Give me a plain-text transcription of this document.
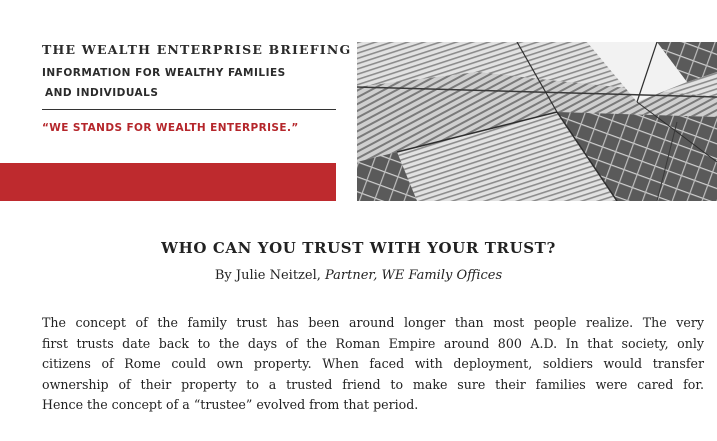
THE WEALTH ENTERPRISE BRIEFING
INFORMATION FOR WEALTHY FAMILIES
AND INDIVIDUALS
“WE STANDS FOR WEALTH ENTERPRISE.”
WHO CAN YOU TRUST WITH YOUR TRUST?
By Julie Neitzel, Partner, WE Family Offices
The concept of the family trust has been around longer than most people realize. The very
first trusts date back to the days of the Roman Empire around 800 A.D. In that society, only
citizens of Rome could own property. When faced with deployment, soldiers would transfer
ownership of their property to a trusted friend to make sure their families were cared for.
Hence the concept of a “trustee” evolved from that period.
